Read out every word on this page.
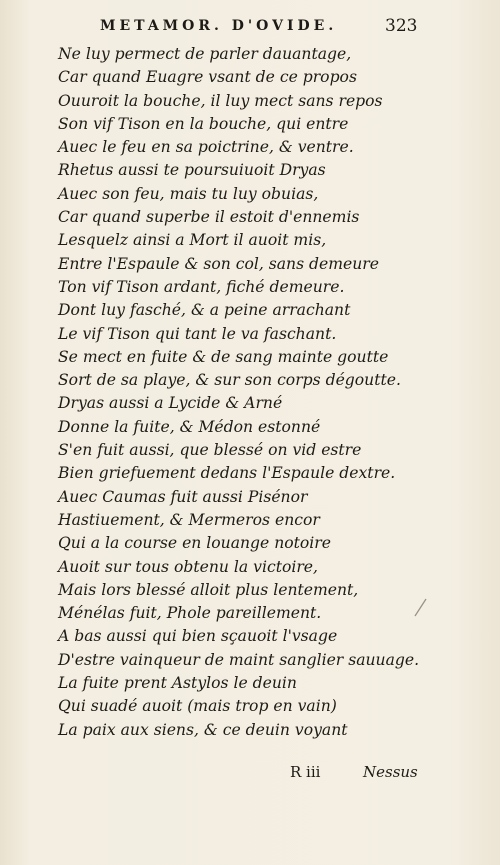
METAMOR. D'OVIDE.	323
Ne luy permect de parler dauantage,
Car quand Euagre vsant de ce propos
Ouuroit la bouche, il luy mect sans repos
Son vif Tison en la bouche, qui entre
Auec le feu en sa poictrine, & ventre.
Rhetus aussi te poursuiuoit Dryas
Auec son feu, mais tu luy obuias,
Car quand superbe il estoit d'ennemis
Lesquelz ainsi a Mort il auoit mis,
Entre l'Espaule & son col, sans demeure
Ton vif Tison ardant, fiché demeure.
Dont luy fasché, & a peine arrachant
Le vif Tison qui tant le va faschant.
Se mect en fuite & de sang mainte goutte
Sort de sa playe, & sur son corps dégoutte.
Dryas aussi a Lycide & Arné
Donne la fuite, & Médon estonné
S'en fuit aussi, que blessé on vid estre
Bien griefuement dedans l'Espaule dextre.
Auec Caumas fuit aussi Pisénor
Hastiuement, & Mermeros encor
Qui a la course en louange notoire
Auoit sur tous obtenu la victoire,
Mais lors blessé alloit plus lentement,
Ménélas fuit, Phole pareillement.
A bas aussi qui bien sçauoit l'vsage
D'estre vainqueur de maint sanglier sauuage.
La fuite prent Astylos le deuin
Qui suadé auoit (mais trop en vain)
La paix aux siens, & ce deuin voyant
R iii	Nessus
